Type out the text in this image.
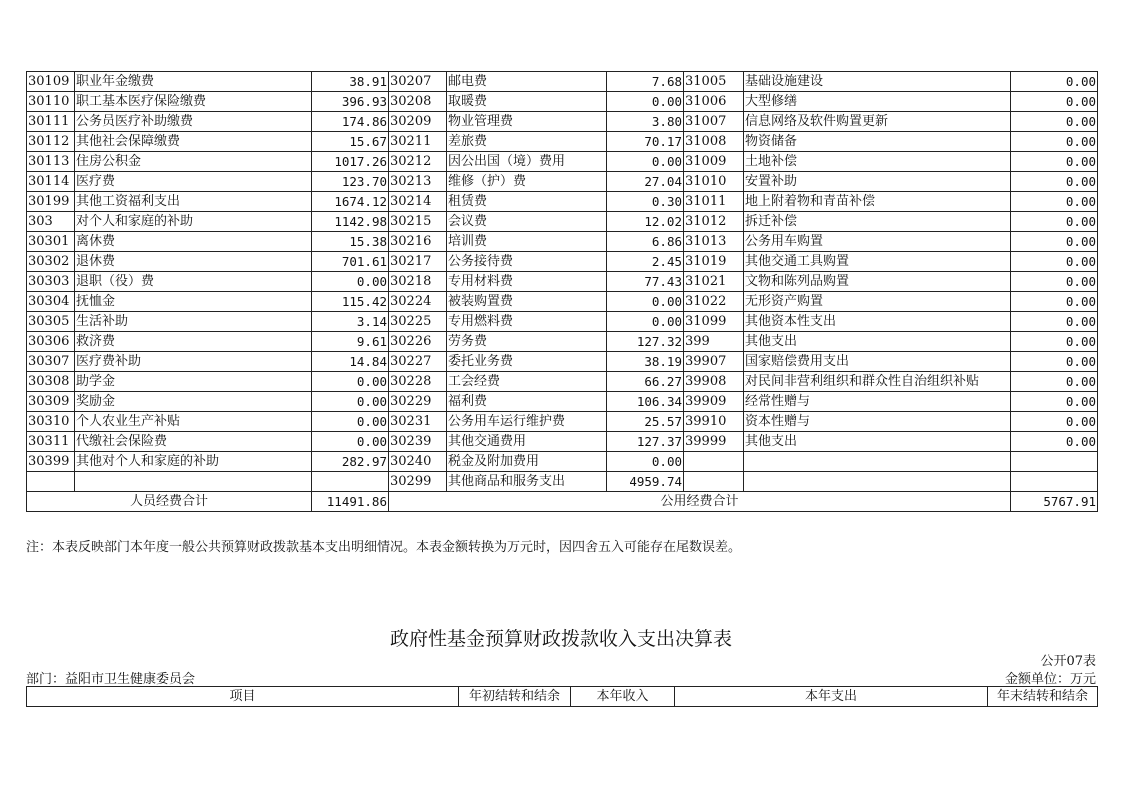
30109	职业年金缴费	38.91	30207	邮电费	7.68	31005	基础设施建设	0.00
30110	职工基本医疗保险缴费	396.93	30208	取暖费	0.00	31006	大型修缮	0.00
30111	公务员医疗补助缴费	174.86	30209	物业管理费	3.80	31007	信息网络及软件购置更新	0.00
30112	其他社会保障缴费	15.67	30211	差旅费	70.17	31008	物资储备	0.00
30113	住房公积金	1017.26	30212	因公出国（境）费用	0.00	31009	土地补偿	0.00
30114	医疗费	123.70	30213	维修（护）费	27.04	31010	安置补助	0.00
30199	其他工资福利支出	1674.12	30214	租赁费	0.30	31011	地上附着物和青苗补偿	0.00
303	对个人和家庭的补助	1142.98	30215	会议费	12.02	31012	拆迁补偿	0.00
30301	离休费	15.38	30216	培训费	6.86	31013	公务用车购置	0.00
30302	退休费	701.61	30217	公务接待费	2.45	31019	其他交通工具购置	0.00
30303	退职（役）费	0.00	30218	专用材料费	77.43	31021	文物和陈列品购置	0.00
30304	抚恤金	115.42	30224	被装购置费	0.00	31022	无形资产购置	0.00
30305	生活补助	3.14	30225	专用燃料费	0.00	31099	其他资本性支出	0.00
30306	救济费	9.61	30226	劳务费	127.32	399	其他支出	0.00
30307	医疗费补助	14.84	30227	委托业务费	38.19	39907	国家赔偿费用支出	0.00
30308	助学金	0.00	30228	工会经费	66.27	39908	对民间非营利组织和群众性自治组织补贴	0.00
30309	奖励金	0.00	30229	福利费	106.34	39909	经常性赠与	0.00
30310	个人农业生产补贴	0.00	30231	公务用车运行维护费	25.57	39910	资本性赠与	0.00
30311	代缴社会保险费	0.00	30239	其他交通费用	127.37	39999	其他支出	0.00
30399	其他对个人和家庭的补助	282.97	30240	税金及附加费用	0.00			
			30299	其他商品和服务支出	4959.74			
人员经费合计		11491.86	公用经费合计					5767.91
注：本表反映部门本年度一般公共预算财政拨款基本支出明细情况。本表金额转换为万元时，因四舍五入可能存在尾数误差。
政府性基金预算财政拨款收入支出决算表
公开07表
部门：益阳市卫生健康委员会	金额单位：万元
项目	年初结转和结余	本年收入	本年支出	年末结转和结余
